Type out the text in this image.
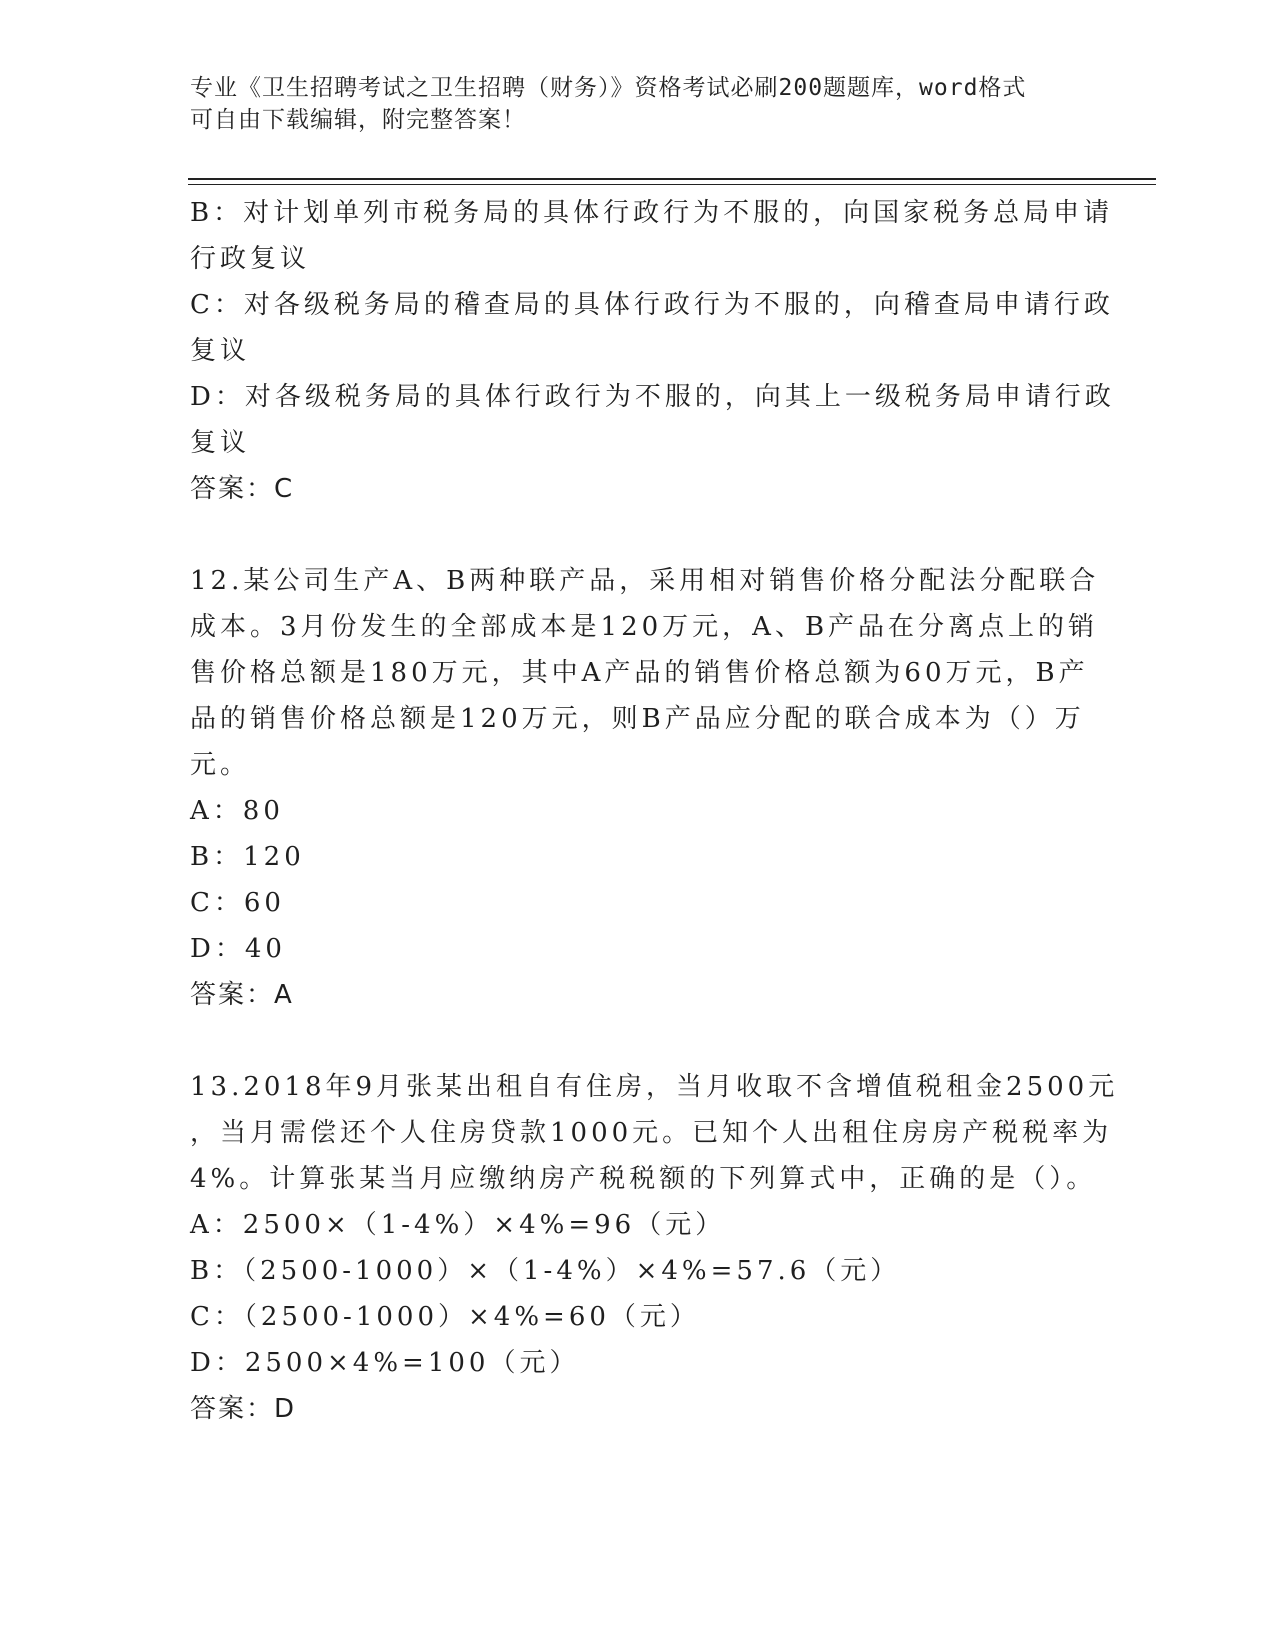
专业《卫生招聘考试之卫生招聘（财务）》资格考试必刷200题题库，word格式
可自由下载编辑，附完整答案！
B：对计划单列市税务局的具体行政行为不服的，向国家税务总局申请
行政复议
C：对各级税务局的稽查局的具体行政行为不服的，向稽查局申请行政
复议
D：对各级税务局的具体行政行为不服的，向其上一级税务局申请行政
复议
答案：C
12.某公司生产A、B两种联产品，采用相对销售价格分配法分配联合
成本。3月份发生的全部成本是120万元，A、B产品在分离点上的销
售价格总额是180万元，其中A产品的销售价格总额为60万元，B产
品的销售价格总额是120万元，则B产品应分配的联合成本为（）万
元。
A：80
B：120
C：60
D：40
答案：A
13.2018年9月张某出租自有住房，当月收取不含增值税租金2500元
，当月需偿还个人住房贷款1000元。已知个人出租住房房产税税率为
4%。计算张某当月应缴纳房产税税额的下列算式中，正确的是（）。
A：2500×（1-4%）×4%=96（元）
B：（2500-1000）×（1-4%）×4%=57.6（元）
C：（2500-1000）×4%=60（元）
D：2500×4%=100（元）
答案：D
